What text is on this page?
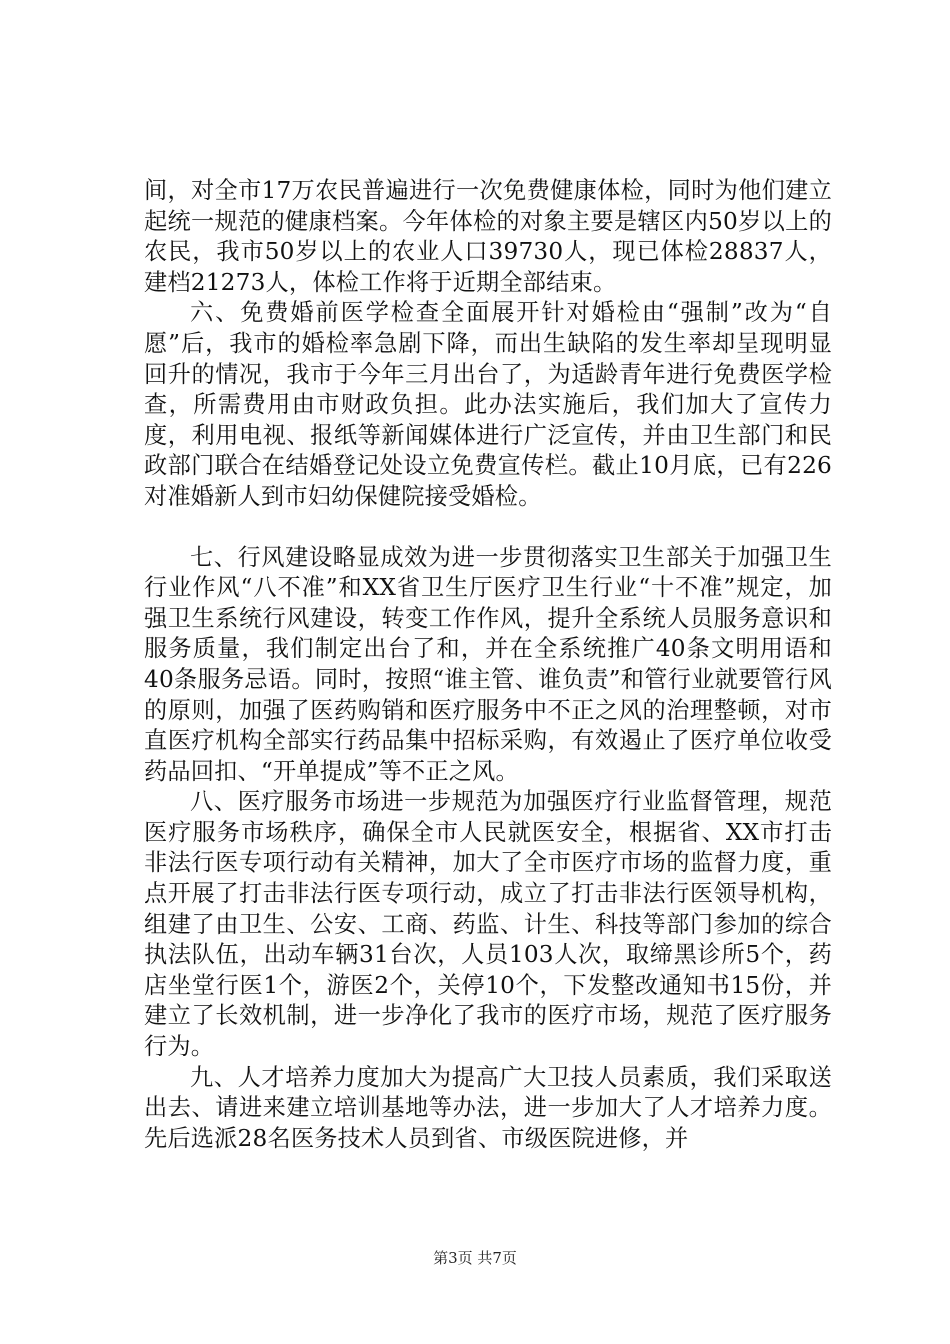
间，对全市17万农民普遍进行一次免费健康体检，同时为他们建立起统一规范的健康档案。今年体检的对象主要是辖区内50岁以上的农民，我市50岁以上的农业人口39730人，现已体检28837人，建档21273人，体检工作将于近期全部结束。

六、免费婚前医学检查全面展开针对婚检由“强制”改为“自愿”后，我市的婚检率急剧下降，而出生缺陷的发生率却呈现明显回升的情况，我市于今年三月出台了，为适龄青年进行免费医学检查，所需费用由市财政负担。此办法实施后，我们加大了宣传力度，利用电视、报纸等新闻媒体进行广泛宣传，并由卫生部门和民政部门联合在结婚登记处设立免费宣传栏。截止10月底，已有226对准婚新人到市妇幼保健院接受婚检。

七、行风建设略显成效为进一步贯彻落实卫生部关于加强卫生行业作风“八不准”和XX省卫生厅医疗卫生行业“十不准”规定，加强卫生系统行风建设，转变工作作风，提升全系统人员服务意识和服务质量，我们制定出台了和，并在全系统推广40条文明用语和40条服务忌语。同时，按照“谁主管、谁负责”和管行业就要管行风的原则，加强了医药购销和医疗服务中不正之风的治理整顿，对市直医疗机构全部实行药品集中招标采购，有效遏止了医疗单位收受药品回扣、“开单提成”等不正之风。

八、医疗服务市场进一步规范为加强医疗行业监督管理，规范医疗服务市场秩序，确保全市人民就医安全，根据省、XX市打击非法行医专项行动有关精神，加大了全市医疗市场的监督力度，重点开展了打击非法行医专项行动，成立了打击非法行医领导机构，组建了由卫生、公安、工商、药监、计生、科技等部门参加的综合执法队伍，出动车辆31台次，人员103人次，取缔黑诊所5个，药店坐堂行医1个，游医2个，关停10个，下发整改通知书15份，并建立了长效机制，进一步净化了我市的医疗市场，规范了医疗服务行为。

九、人才培养力度加大为提高广大卫技人员素质，我们采取送出去、请进来建立培训基地等办法，进一步加大了人才培养力度。先后选派28名医务技术人员到省、市级医院进修，并

第3页 共7页
